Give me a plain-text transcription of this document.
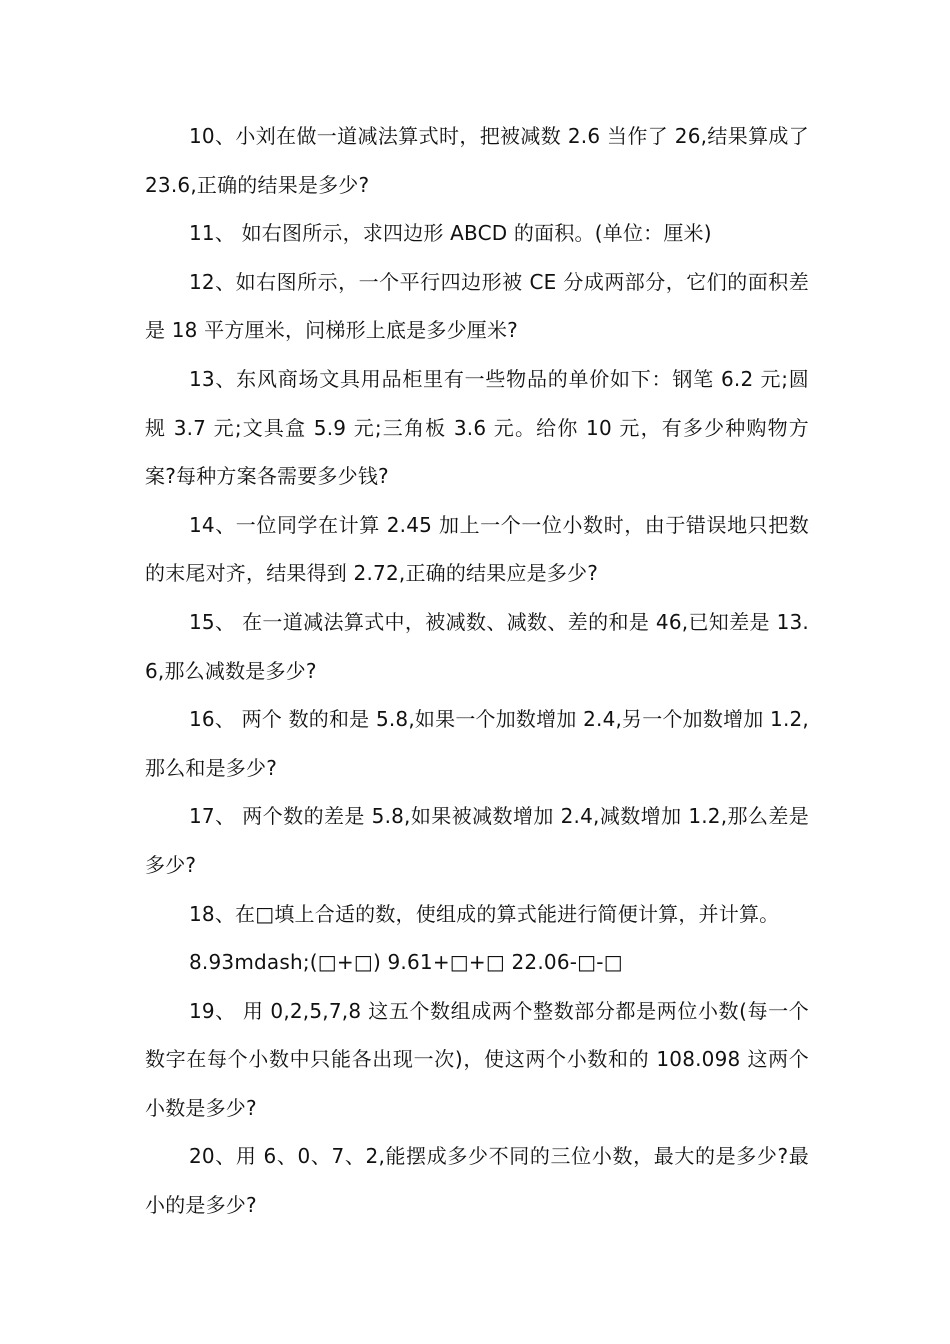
10、小刘在做一道减法算式时，把被减数 2.6 当作了 26,结果算成了 23.6,正确的结果是多少?

11、 如右图所示，求四边形 ABCD 的面积。(单位：厘米)

12、如右图所示，一个平行四边形被 CE 分成两部分，它们的面积差是 18 平方厘米，问梯形上底是多少厘米?

13、东风商场文具用品柜里有一些物品的单价如下：钢笔 6.2 元;圆规 3.7 元;文具盒 5.9 元;三角板 3.6 元。给你 10 元，有多少种购物方案?每种方案各需要多少钱?

14、一位同学在计算 2.45 加上一个一位小数时，由于错误地只把数的末尾对齐，结果得到 2.72,正确的结果应是多少?

15、 在一道减法算式中，被减数、减数、差的和是 46,已知差是 13.6,那么减数是多少?

16、 两个 数的和是 5.8,如果一个加数增加 2.4,另一个加数增加 1.2,那么和是多少?

17、 两个数的差是 5.8,如果被减数增加 2.4,减数增加 1.2,那么差是多少?

18、在□填上合适的数，使组成的算式能进行简便计算，并计算。

8.93mdash;(□+□) 9.61+□+□ 22.06-□-□

19、 用 0,2,5,7,8 这五个数组成两个整数部分都是两位小数(每一个数字在每个小数中只能各出现一次)，使这两个小数和的 108.098 这两个小数是多少?

20、用 6、0、7、2,能摆成多少不同的三位小数，最大的是多少?最小的是多少?
